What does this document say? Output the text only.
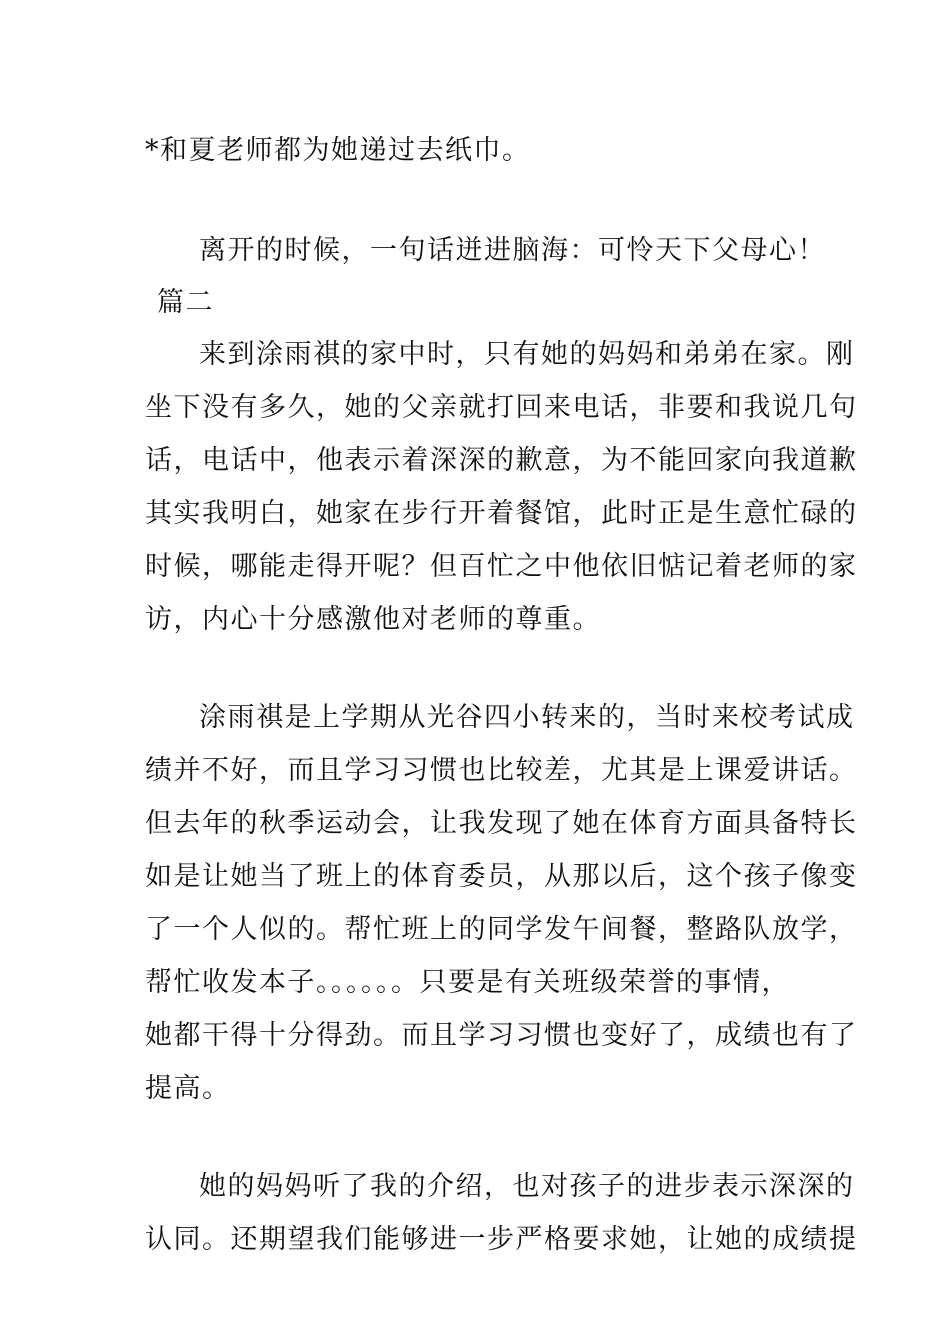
*和夏老师都为她递过去纸巾。
离开的时候，一句话迸进脑海：可怜天下父母心！
篇二
来到涂雨祺的家中时，只有她的妈妈和弟弟在家。刚
坐下没有多久，她的父亲就打回来电话，非要和我说几句
话，电话中，他表示着深深的歉意，为不能回家向我道歉
其实我明白，她家在步行开着餐馆，此时正是生意忙碌的
时候，哪能走得开呢？但百忙之中他依旧惦记着老师的家
访，内心十分感激他对老师的尊重。
涂雨祺是上学期从光谷四小转来的，当时来校考试成
绩并不好，而且学习习惯也比较差，尤其是上课爱讲话。
但去年的秋季运动会，让我发现了她在体育方面具备特长
如是让她当了班上的体育委员，从那以后，这个孩子像变
了一个人似的。帮忙班上的同学发午间餐，整路队放学，
帮忙收发本子。。。。。。只要是有关班级荣誉的事情，
她都干得十分得劲。而且学习习惯也变好了，成绩也有了
提高。
她的妈妈听了我的介绍，也对孩子的进步表示深深的
认同。还期望我们能够进一步严格要求她，让她的成绩提
